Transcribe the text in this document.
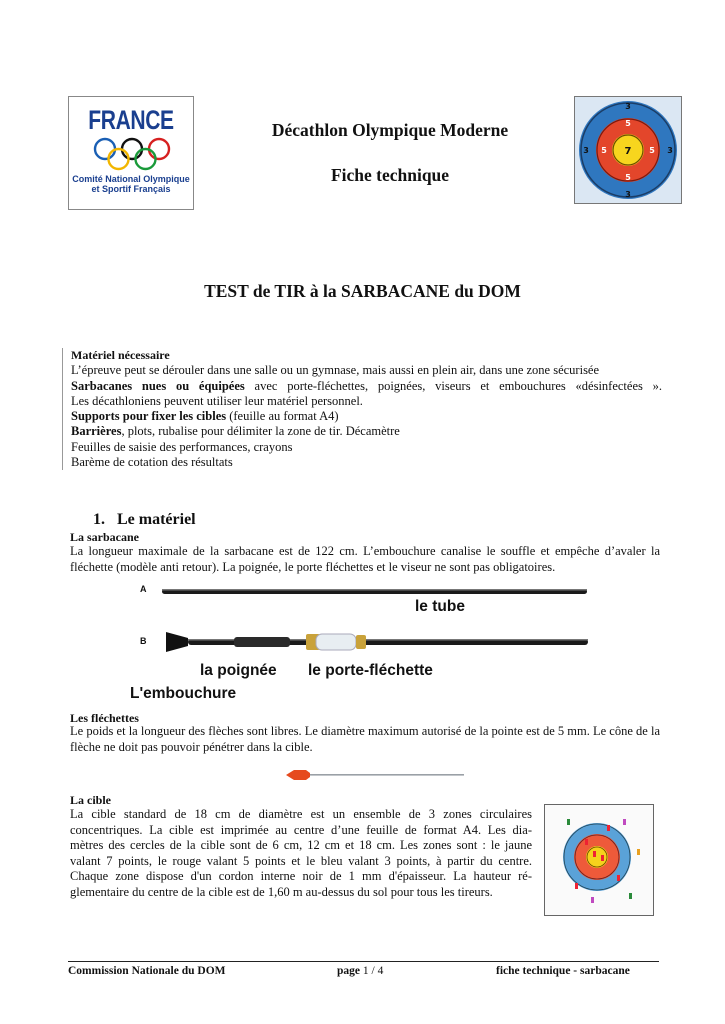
FRANCE
Comité National Olympique
et Sportif Français
Décathlon Olympique Moderne
Fiche technique
3
5
7
5
3
3 5	5 3
TEST de TIR à la SARBACANE du DOM
Matériel nécessaire
L’épreuve peut se dérouler dans une salle ou un gymnase, mais aussi en plein air, dans une zone sécurisée
Sarbacanes nues ou équipées avec porte-fléchettes, poignées, viseurs et embouchures «désinfectées ».
Les décathloniens peuvent utiliser leur matériel personnel.
Supports pour fixer les cibles (feuille au format A4)
Barrières, plots, rubalise pour délimiter la zone de tir. Décamètre
Feuilles de saisie des performances, crayons
Barème de cotation des résultats
1. Le matériel
La sarbacane
La longueur maximale de la sarbacane est de 122 cm. L’embouchure canalise le souffle et empêche d’avaler la fléchette (modèle anti retour). La poignée, le porte fléchettes et le viseur ne sont pas obligatoires.
A
B
le tube
la poignée le porte-fléchette
L'embouchure
Les fléchettes
Le poids et la longueur des flèches sont libres. Le diamètre maximum autorisé de la pointe est de 5 mm. Le cône de la flèche ne doit pas pouvoir pénétrer dans la cible.
La cible
La cible standard de 18 cm de diamètre est un ensemble de 3 zones circulaires
concentriques. La cible est imprimée au centre d’une feuille de format A4. Les dia-
mètres des cercles de la cible sont de 6 cm, 12 cm et 18 cm. Les zones sont : le jaune
valant 7 points, le rouge valant 5 points et le bleu valant 3 points, à partir du centre.
Chaque zone dispose d'un cordon interne noir de 1 mm d'épaisseur. La hauteur ré-
glementaire du centre de la cible est de 1,60 m au-dessus du sol pour tous les tireurs.
Commission Nationale du DOM	page 1 / 4	fiche technique - sarbacane
